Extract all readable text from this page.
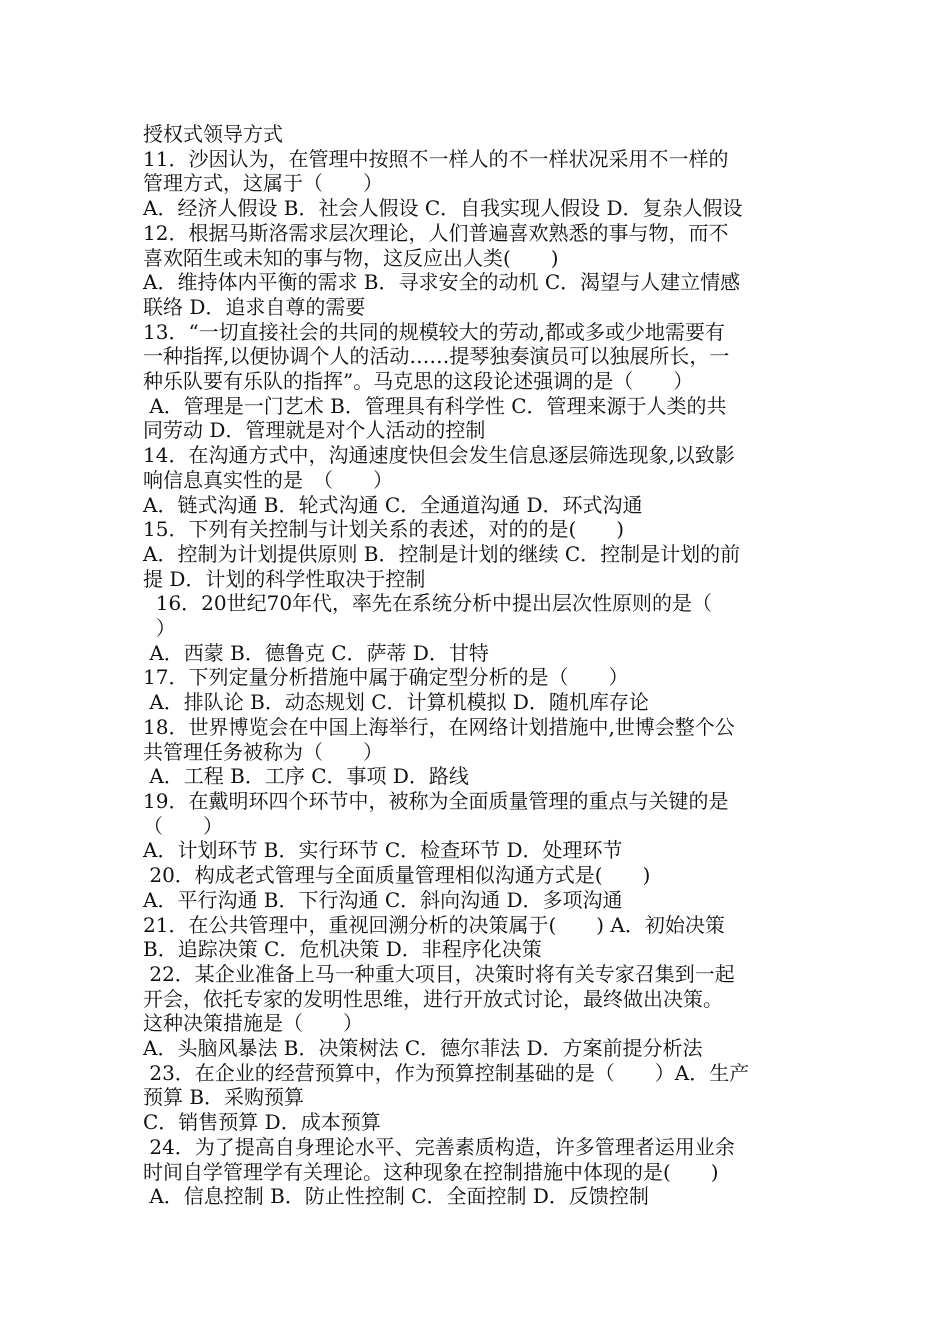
授权式领导方式
11．沙因认为，在管理中按照不一样人的不一样状况采用不一样的
管理方式，这属于（　　）
A．经济人假设 B．社会人假设 C．自我实现人假设 D．复杂人假设
12．根据马斯洛需求层次理论，人们普遍喜欢熟悉的事与物，而不
喜欢陌生或未知的事与物，这反应出人类(　　)
A．维持体内平衡的需求 B．寻求安全的动机 C．渴望与人建立情感
联络 D．追求自尊的需要
13．“一切直接社会的共同的规模较大的劳动,都或多或少地需要有
一种指挥,以便协调个人的活动……提琴独奏演员可以独展所长，一
种乐队要有乐队的指挥”。马克思的这段论述强调的是（　　）
A．管理是一门艺术 B．管理具有科学性 C．管理来源于人类的共
同劳动 D．管理就是对个人活动的控制
14．在沟通方式中，沟通速度快但会发生信息逐层筛选现象,以致影
响信息真实性的是　（　　）
A．链式沟通 B．轮式沟通 C．全通道沟通 D．环式沟通
15．下列有关控制与计划关系的表述，对的的是(　　)
A．控制为计划提供原则 B．控制是计划的继续 C．控制是计划的前
提 D．计划的科学性取决于控制
16．20世纪70年代，率先在系统分析中提出层次性原则的是（
）
A．西蒙 B．德鲁克 C．萨蒂 D．甘特
17．下列定量分析措施中属于确定型分析的是（　　）
A．排队论 B．动态规划 C．计算机模拟 D．随机库存论
18．世界博览会在中国上海举行，在网络计划措施中,世博会整个公
共管理任务被称为（　　）
A．工程 B．工序 C．事项 D．路线
19．在戴明环四个环节中，被称为全面质量管理的重点与关键的是
（　　）
A．计划环节 B．实行环节 C．检查环节 D．处理环节
20．构成老式管理与全面质量管理相似沟通方式是(　　)
A．平行沟通 B．下行沟通 C．斜向沟通 D．多项沟通
21．在公共管理中，重视回溯分析的决策属于(　　) A．初始决策
B．追踪决策 C．危机决策 D．非程序化决策
22．某企业准备上马一种重大项目，决策时将有关专家召集到一起
开会，依托专家的发明性思维，进行开放式讨论，最终做出决策。
这种决策措施是（　　）
A．头脑风暴法 B．决策树法 C．德尔菲法 D．方案前提分析法
23．在企业的经营预算中，作为预算控制基础的是（　　）A．生产
预算 B．采购预算
C．销售预算 D．成本预算
24．为了提高自身理论水平、完善素质构造，许多管理者运用业余
时间自学管理学有关理论。这种现象在控制措施中体现的是(　　)
A．信息控制 B．防止性控制 C．全面控制 D．反馈控制
